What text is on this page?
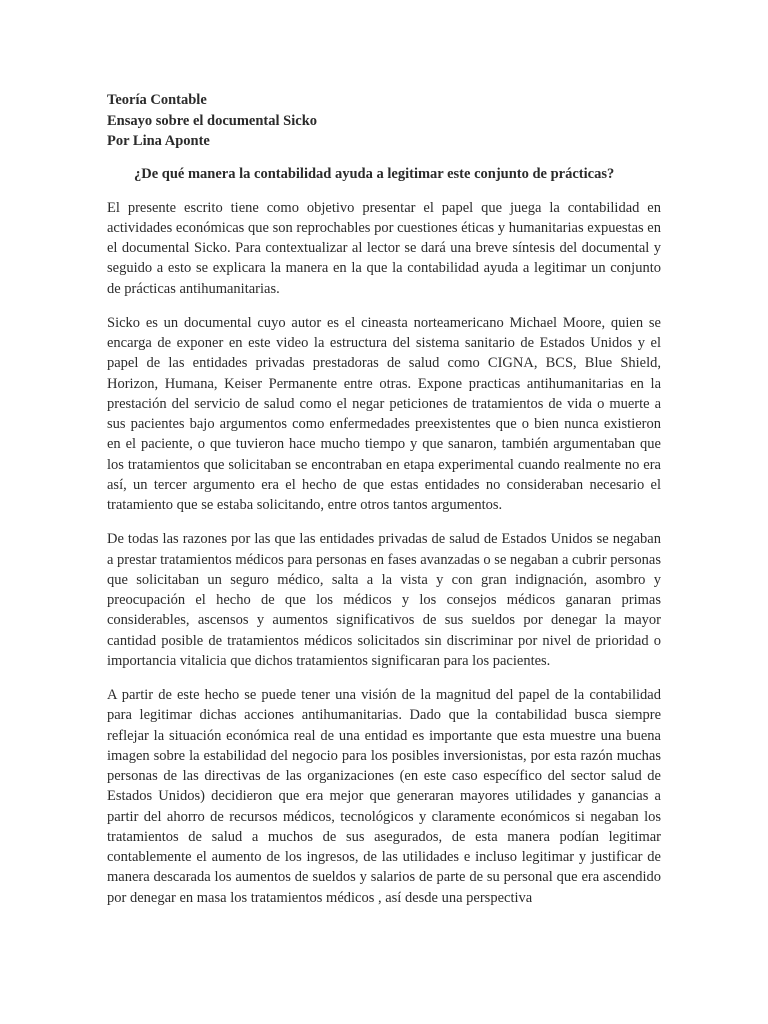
Teoría Contable

Ensayo sobre el documental Sicko

Por Lina Aponte

¿De qué manera la contabilidad ayuda a legitimar este conjunto de prácticas?

El presente escrito tiene como objetivo presentar el papel que juega la contabilidad en actividades económicas que son reprochables por cuestiones éticas y humanitarias expuestas en el documental Sicko. Para contextualizar al lector se dará una breve síntesis del documental y seguido a esto se explicara la manera en la que la contabilidad ayuda a legitimar un conjunto de prácticas antihumanitarias.

Sicko es un documental cuyo autor es el cineasta norteamericano Michael Moore, quien se encarga de exponer en este video la estructura del sistema sanitario de Estados Unidos y el papel de las entidades privadas prestadoras de salud como CIGNA, BCS, Blue Shield, Horizon, Humana, Keiser Permanente entre otras. Expone practicas antihumanitarias en la prestación del servicio de salud como el negar peticiones de tratamientos de vida o muerte a sus pacientes bajo argumentos como enfermedades preexistentes que o bien nunca existieron en el paciente, o que tuvieron hace mucho tiempo y que sanaron, también argumentaban que los tratamientos que solicitaban se encontraban en etapa experimental cuando realmente no era así, un tercer argumento era el hecho de que estas entidades no consideraban necesario el tratamiento que se estaba solicitando, entre otros tantos argumentos.

De todas las razones por las que las entidades privadas de salud de Estados Unidos se negaban a prestar tratamientos médicos para personas en fases avanzadas o se negaban a cubrir personas que solicitaban un seguro médico, salta a la vista y con gran indignación, asombro y preocupación el hecho de que los médicos y los consejos médicos ganaran primas considerables, ascensos y aumentos significativos de sus sueldos por denegar la mayor cantidad posible de tratamientos médicos solicitados sin discriminar por nivel de prioridad o importancia vitalicia que dichos tratamientos significaran para los pacientes.

A partir de este hecho se puede tener una visión de la magnitud del papel de la contabilidad para legitimar dichas acciones antihumanitarias. Dado que la contabilidad busca siempre reflejar la situación económica real de una entidad es importante que esta muestre una buena imagen sobre la estabilidad del negocio para los posibles inversionistas, por esta razón muchas personas de las directivas de las organizaciones (en este caso específico del sector salud de Estados Unidos) decidieron que era mejor que generaran mayores utilidades y ganancias a partir del ahorro de recursos médicos, tecnológicos y claramente económicos si negaban los tratamientos de salud a muchos de sus asegurados, de esta manera podían legitimar contablemente el aumento de los ingresos, de las utilidades e incluso legitimar y justificar de manera descarada los aumentos de sueldos y salarios de parte de su personal que era ascendido por denegar en masa los tratamientos médicos , así desde una perspectiva
